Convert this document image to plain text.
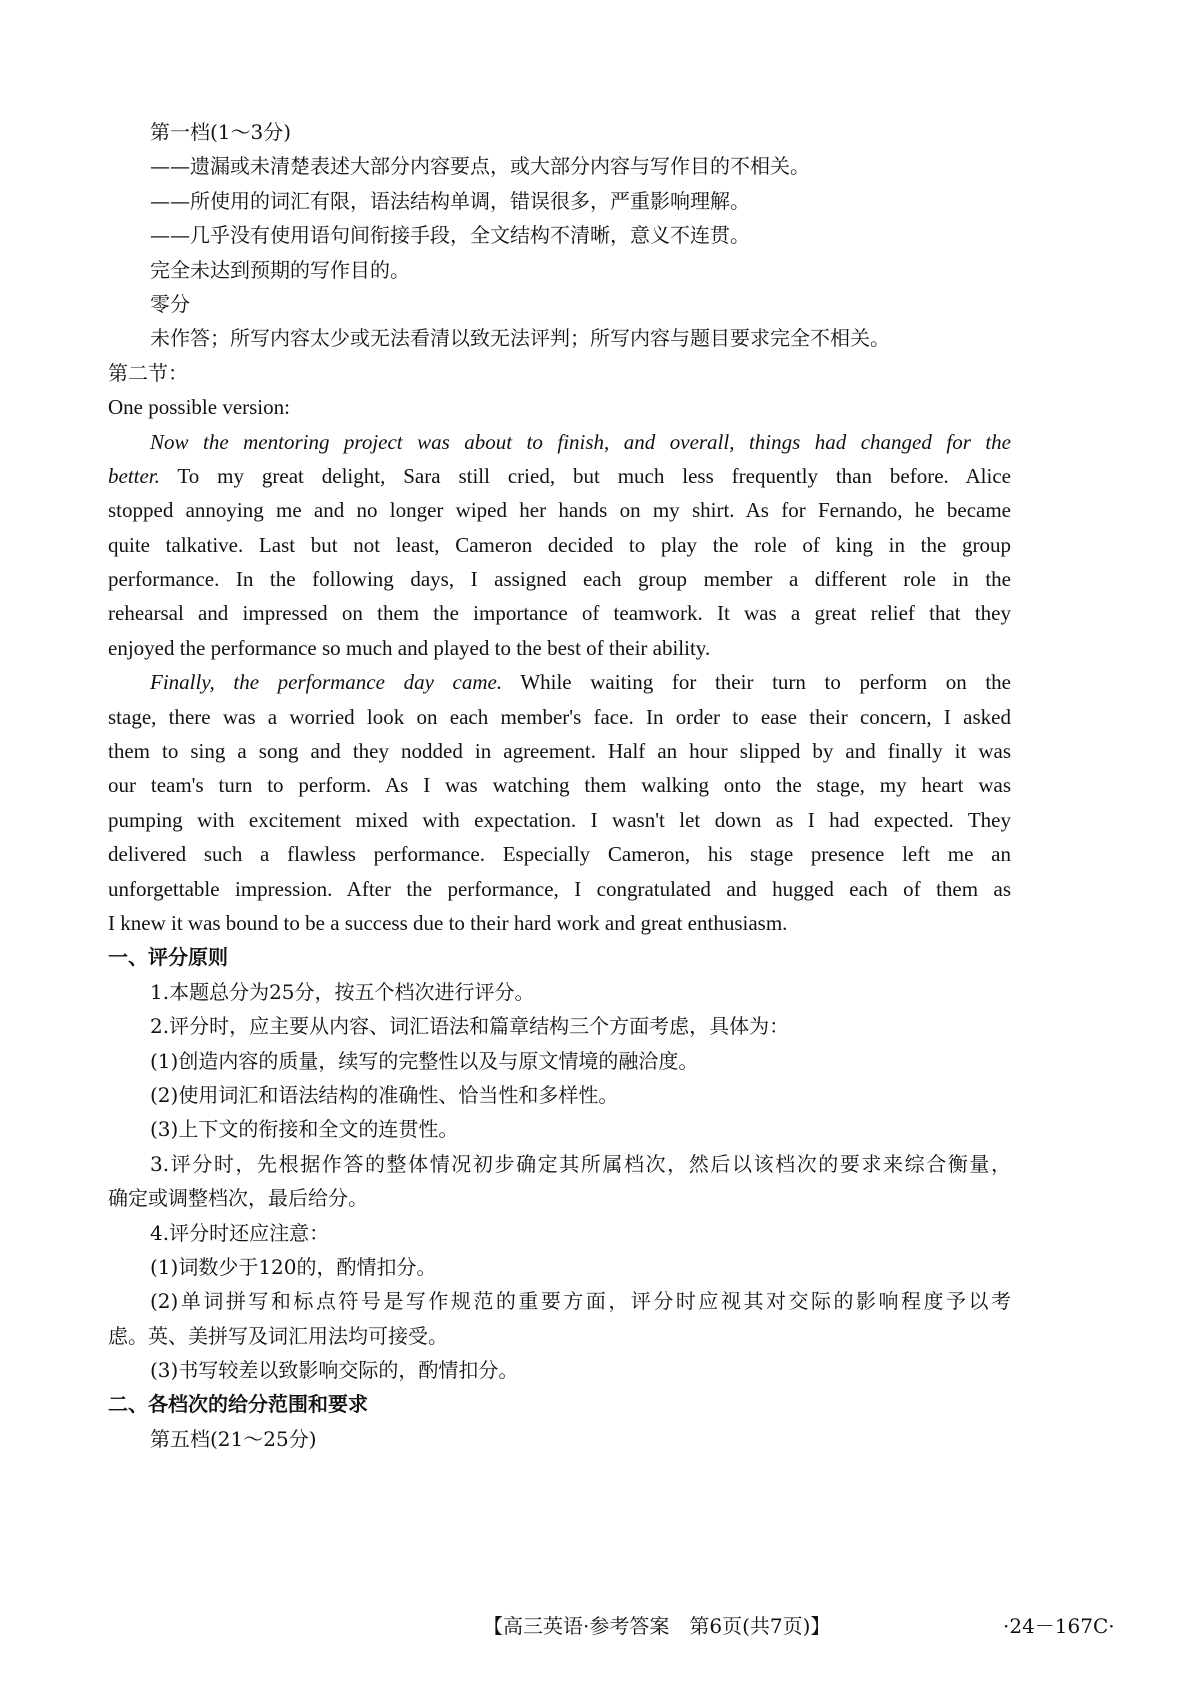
第一档(1～3分)
——遗漏或未清楚表述大部分内容要点，或大部分内容与写作目的不相关。
——所使用的词汇有限，语法结构单调，错误很多，严重影响理解。
——几乎没有使用语句间衔接手段，全文结构不清晰，意义不连贯。
完全未达到预期的写作目的。
零分
未作答；所写内容太少或无法看清以致无法评判；所写内容与题目要求完全不相关。
第二节：
One possible version:
Now the mentoring project was about to finish, and overall, things had changed for the
better. To my great delight, Sara still cried, but much less frequently than before. Alice
stopped annoying me and no longer wiped her hands on my shirt. As for Fernando, he became
quite talkative. Last but not least, Cameron decided to play the role of king in the group
performance. In the following days, I assigned each group member a different role in the
rehearsal and impressed on them the importance of teamwork. It was a great relief that they
enjoyed the performance so much and played to the best of their ability.
Finally, the performance day came. While waiting for their turn to perform on the
stage, there was a worried look on each member's face. In order to ease their concern, I asked
them to sing a song and they nodded in agreement. Half an hour slipped by and finally it was
our team's turn to perform. As I was watching them walking onto the stage, my heart was
pumping with excitement mixed with expectation. I wasn't let down as I had expected. They
delivered such a flawless performance. Especially Cameron, his stage presence left me an
unforgettable impression. After the performance, I congratulated and hugged each of them as
I knew it was bound to be a success due to their hard work and great enthusiasm.
一、评分原则
1.本题总分为25分，按五个档次进行评分。
2.评分时，应主要从内容、词汇语法和篇章结构三个方面考虑，具体为：
(1)创造内容的质量，续写的完整性以及与原文情境的融洽度。
(2)使用词汇和语法结构的准确性、恰当性和多样性。
(3)上下文的衔接和全文的连贯性。
3.评分时，先根据作答的整体情况初步确定其所属档次，然后以该档次的要求来综合衡量，
确定或调整档次，最后给分。
4.评分时还应注意：
(1)词数少于120的，酌情扣分。
(2)单词拼写和标点符号是写作规范的重要方面，评分时应视其对交际的影响程度予以考
虑。英、美拼写及词汇用法均可接受。
(3)书写较差以致影响交际的，酌情扣分。
二、各档次的给分范围和要求
第五档(21～25分)
【高三英语·参考答案　第6页(共7页)】	·24－167C·
